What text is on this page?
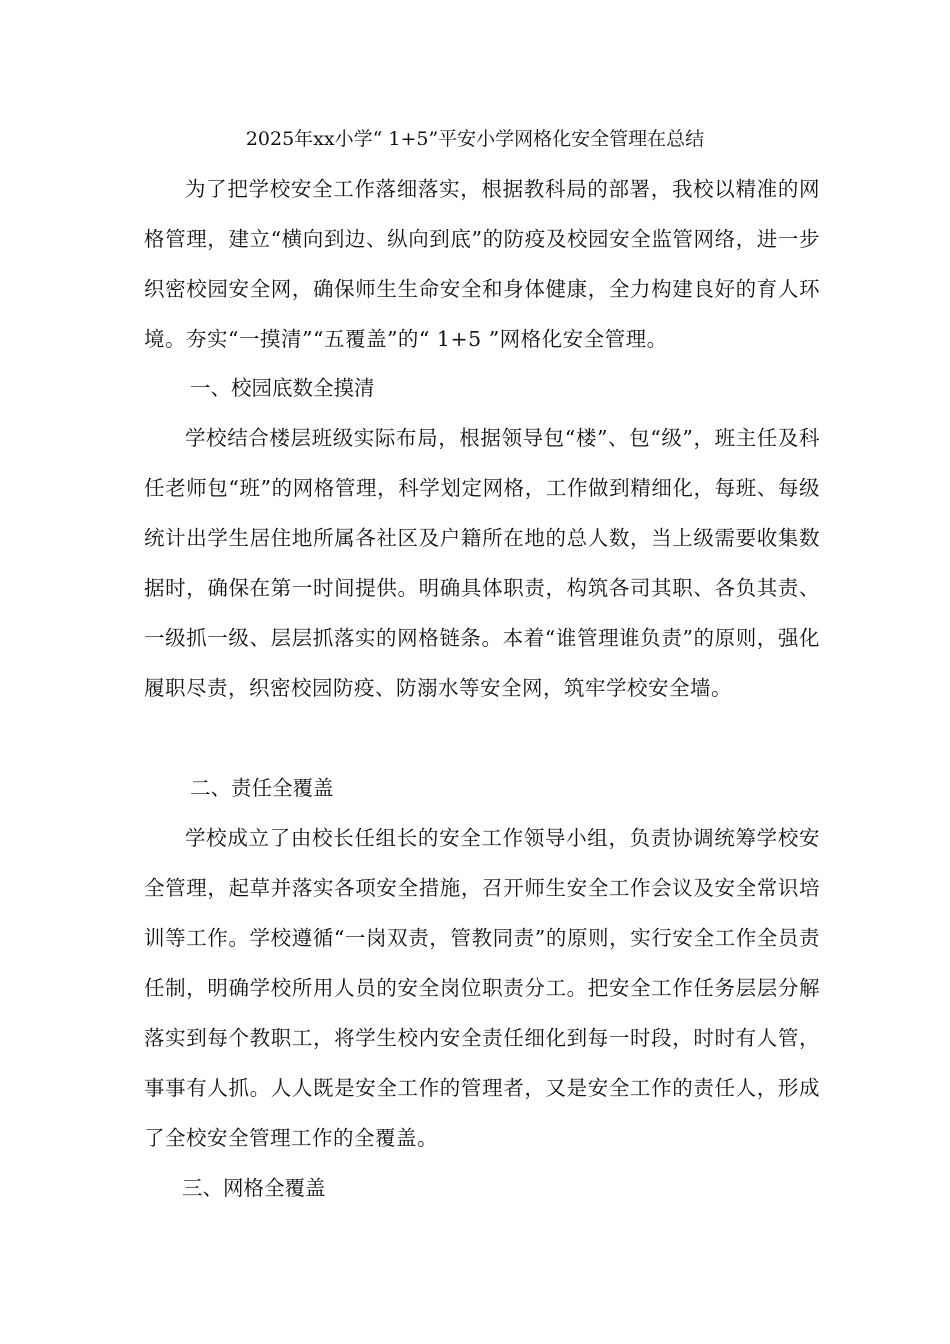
2025年xx小学“ 1+5”平安小学网格化安全管理在总结

为了把学校安全工作落细落实，根据教科局的部署，我校以精准的网格管理，建立“横向到边、纵向到底”的防疫及校园安全监管网络，进一步织密校园安全网，确保师生生命安全和身体健康，全力构建良好的育人环境。夯实“一摸清”“五覆盖”的“ 1+5 ”网格化安全管理。

一、校园底数全摸清

学校结合楼层班级实际布局，根据领导包“楼”、包“级”，班主任及科任老师包“班”的网格管理，科学划定网格，工作做到精细化，每班、每级统计出学生居住地所属各社区及户籍所在地的总人数，当上级需要收集数据时，确保在第一时间提供。明确具体职责，构筑各司其职、各负其责、一级抓一级、层层抓落实的网格链条。本着“谁管理谁负责”的原则，强化履职尽责，织密校园防疫、防溺水等安全网，筑牢学校安全墙。

二、责任全覆盖

学校成立了由校长任组长的安全工作领导小组，负责协调统筹学校安全管理，起草并落实各项安全措施，召开师生安全工作会议及安全常识培训等工作。学校遵循“一岗双责，管教同责”的原则，实行安全工作全员责任制，明确学校所用人员的安全岗位职责分工。把安全工作任务层层分解落实到每个教职工，将学生校内安全责任细化到每一时段，时时有人管，事事有人抓。人人既是安全工作的管理者，又是安全工作的责任人，形成了全校安全管理工作的全覆盖。

三、网格全覆盖
